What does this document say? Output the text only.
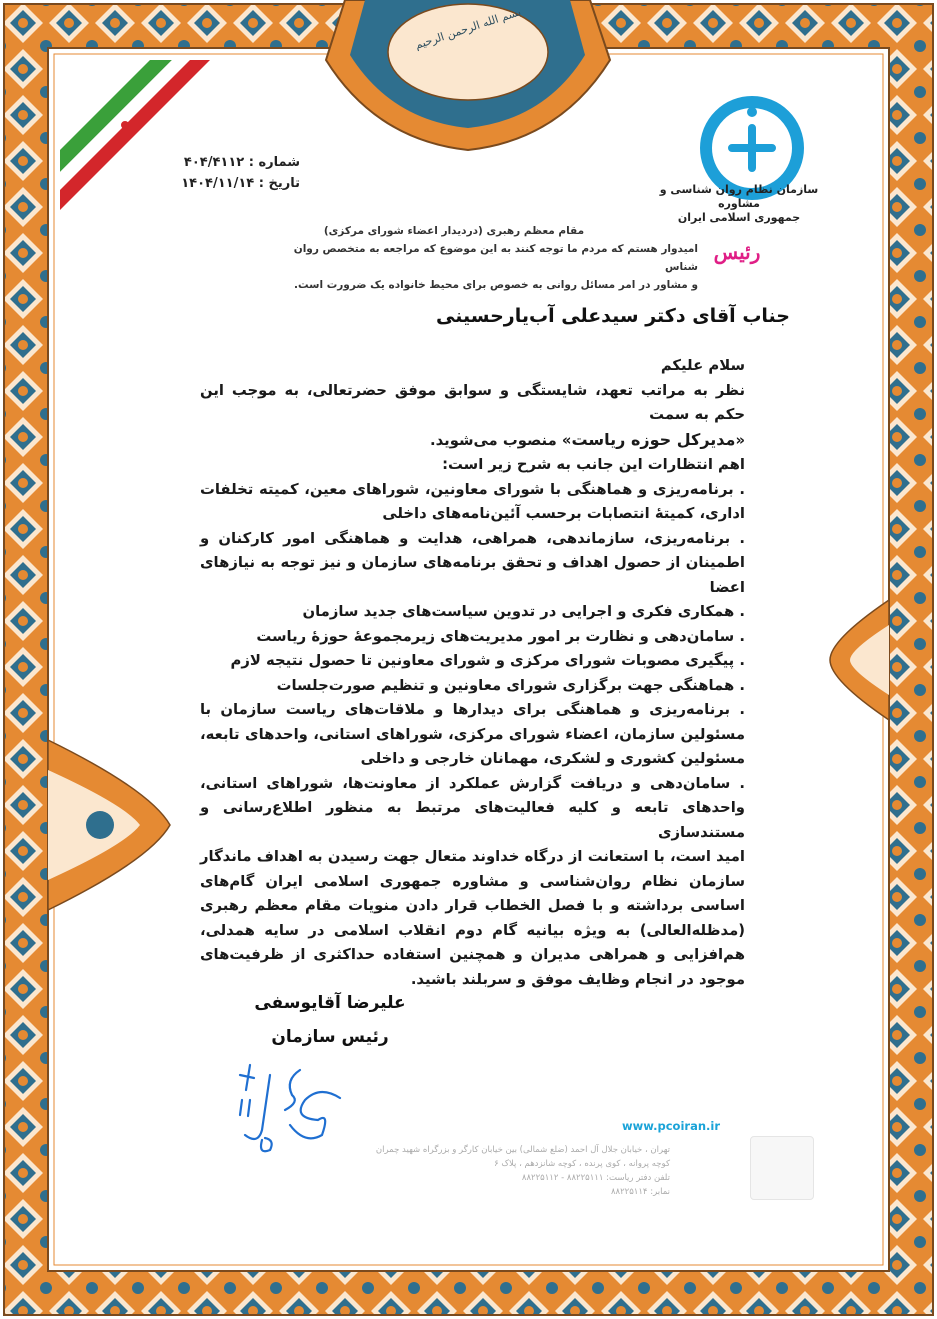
بسم الله الرحمن الرحیم
شماره : ۴۰۴/۴۱۱۲
تاریخ : ۱۴۰۴/۱۱/۱۴	سازمان نظام روان شناسی و مشاوره
جمهوری اسلامی ایران
رئیس
مقام معظم رهبری (دردیدار اعضاء شورای مرکزی)
امیدوار هستم که مردم ما توجه کنند به این موضوع که مراجعه به متخصص روان شناس
و مشاور در امر مسائل روانی به خصوص برای محیط خانواده یک ضرورت است.
جناب آقای دکتر سیدعلی آب‌یارحسینی

سلام علیکم

نظر به مراتب تعهد، شایستگی و سوابق موفق حضرتعالی، به موجب این حکم به سمت

«مدیرکل حوزه ریاست» منصوب می‌شوید.

اهم انتظارات این جانب به شرح زیر است:

. برنامه‌ریزی و هماهنگی با شورای معاونین، شوراهای معین، کمیته تخلفات اداری، کمیتهٔ انتصابات برحسب آئین‌نامه‌های داخلی

. برنامه‌ریزی، سازماندهی، همراهی، هدایت و هماهنگی امور کارکنان و اطمینان از حصول اهداف و تحقق برنامه‌های سازمان و نیز توجه به نیازهای اعضا

. همکاری فکری و اجرایی در تدوین سیاست‌های جدید سازمان

. سامان‌دهی و نظارت بر امور مدیریت‌های زیرمجموعهٔ حوزهٔ ریاست

. پیگیری مصوبات شورای مرکزی و شورای معاونین تا حصول نتیجه لازم

. هماهنگی جهت برگزاری شورای معاونین و تنظیم صورت‌جلسات

. برنامه‌ریزی و هماهنگی برای دیدارها و ملاقات‌های ریاست سازمان با مسئولین سازمان، اعضاء شورای مرکزی، شوراهای استانی، واحدهای تابعه، مسئولین کشوری و لشکری، مهمانان خارجی و داخلی

. سامان‌دهی و دریافت گزارش عملکرد از معاونت‌ها، شوراهای استانی، واحدهای تابعه و کلیه فعالیت‌های مرتبط به منظور اطلاع‌رسانی و مستندسازی

امید است، با استعانت از درگاه خداوند متعال جهت رسیدن به اهداف ماندگار سازمان نظام روان‌شناسی و مشاوره جمهوری اسلامی ایران گام‌های اساسی برداشته و با فصل الخطاب قرار دادن منویات مقام معظم رهبری (مدظله‌العالی) به ویژه بیانیه گام دوم انقلاب اسلامی در سایه همدلی، هم‌افزایی و همراهی مدیران و همچنین استفاده حداکثری از ظرفیت‌های موجود در انجام وظایف موفق و سربلند باشید.

علیرضا آقایوسفی
رئیس سازمان
www.pcoiran.ir

تهران ، خیابان جلال آل احمد (ضلع شمالی) بین خیابان کارگر و بزرگراه شهید چمران

کوچه پروانه ، کوی پرنده ، کوچه شانزدهم ، پلاک ۶

تلفن دفتر ریاست: ۸۸۲۲۵۱۱۱ - ۸۸۲۲۵۱۱۲

نمابر: ۸۸۲۲۵۱۱۴
